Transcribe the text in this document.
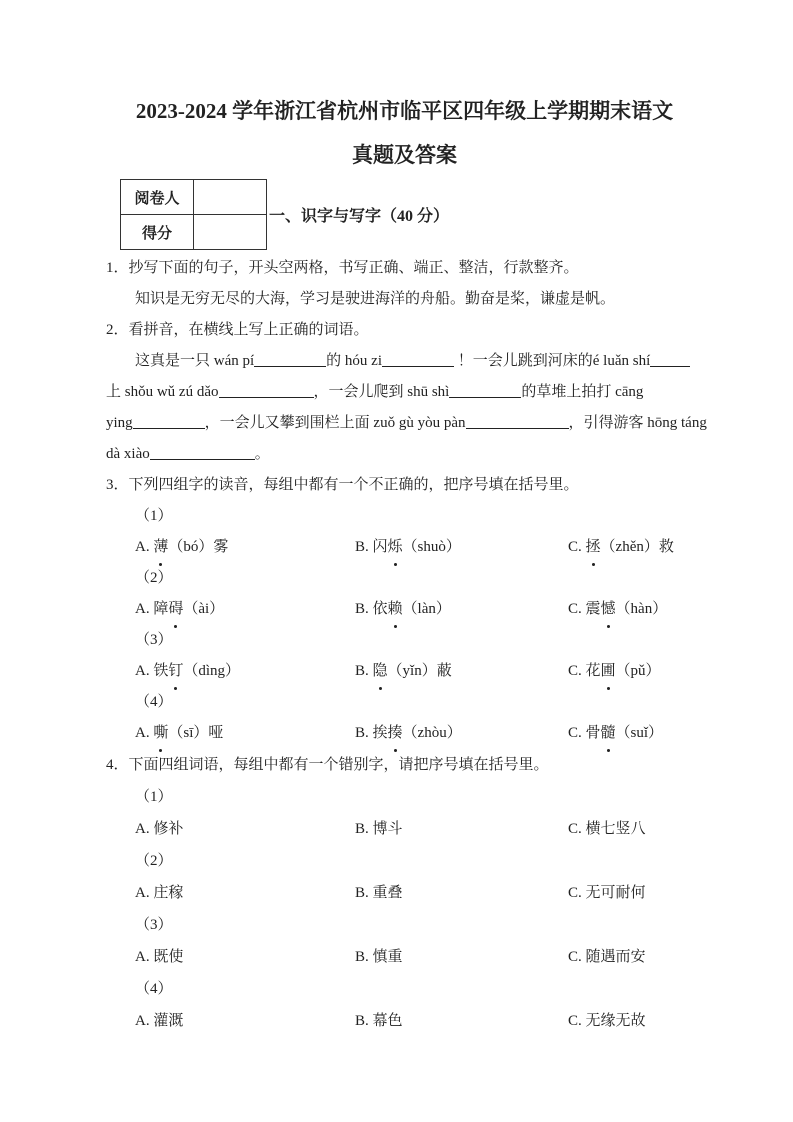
2023-2024 学年浙江省杭州市临平区四年级上学期期末语文
真题及答案
阅卷人	
得分	
一、识字与写字（40 分）

1．抄写下面的句子，开头空两格，书写正确、端正、整洁，行款整齐。

知识是无穷无尽的大海，学习是驶进海洋的舟船。勤奋是桨，谦虚是帆。

2．看拼音，在横线上写上正确的词语。

这真是一只 wán pí	的 hóu zi	！一会儿跳到河床的é luǎn shí

上 shǒu wǔ zú dǎo	，一会儿爬到 shū shì	的草堆上拍打 cāng

ying	，一会儿又攀到围栏上面 zuǒ gù yòu pàn	，引得游客 hōng táng

dà xiào	。

3．下列四组字的读音，每组中都有一个不正确的，把序号填在括号里。

（1）

A. 薄（bó）雾	B. 闪烁（shuò）	C. 拯（zhěn）救

（2）

A. 障碍（ài）	B. 依赖（làn）	C. 震憾（hàn）

（3）

A. 铁钉（dìng）	B. 隐（yǐn）蔽	C. 花圃（pǔ）

（4）

A. 嘶（sī）哑	B. 挨揍（zhòu）	C. 骨髓（suǐ）

4．下面四组词语，每组中都有一个错别字，请把序号填在括号里。

（1）

A. 修补	B. 博斗	C. 横七竖八

（2）

A. 庄稼	B. 重叠	C. 无可耐何

（3）

A. 既使	B. 慎重	C. 随遇而安

（4）

A. 灌溉	B. 幕色	C. 无缘无故
